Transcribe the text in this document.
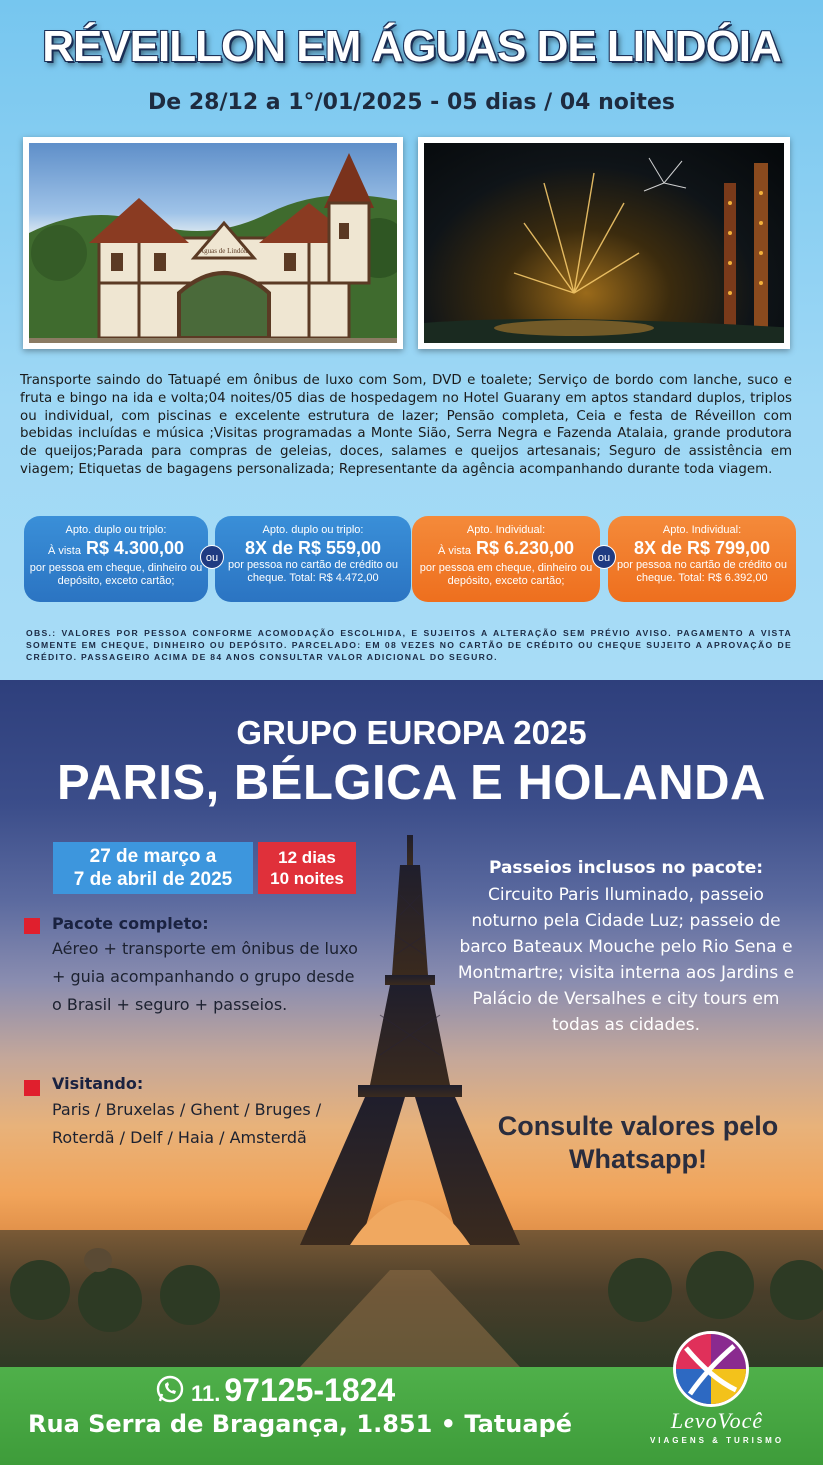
RÉVEILLON EM ÁGUAS DE LINDÓIA
De 28/12 a 1°/01/2025 - 05 dias / 04 noites
Águas de Lindóia
Transporte saindo do Tatuapé em ônibus de luxo com Som, DVD e toalete; Serviço de bordo com lanche, suco e fruta e bingo na ida e volta;04 noites/05 dias de hospedagem no Hotel Guarany em aptos standard duplos, triplos ou individual, com piscinas e excelente estrutura de lazer; Pensão completa, Ceia e festa de Réveillon com bebidas incluídas e música ;Visitas programadas a Monte Sião, Serra Negra e Fazenda Atalaia, grande produtora de queijos;Parada para compras de geleias, doces, salames e queijos artesanais; Seguro de assistência em viagem; Etiquetas de bagagens personalizada; Representante da agência acompanhando durante toda viagem.
Apto. duplo ou triplo:
À vista R$ 4.300,00
por pessoa em cheque, dinheiro ou depósito, exceto cartão;
Apto. duplo ou triplo:
8X de R$ 559,00
por pessoa no cartão de crédito ou cheque. Total: R$ 4.472,00
Apto. Individual:
À vista R$ 6.230,00
por pessoa em cheque, dinheiro ou depósito, exceto cartão;
Apto. Individual:
8X de R$ 799,00
por pessoa no cartão de crédito ou cheque. Total: R$ 6.392,00
ou	ou
OBS.: VALORES POR PESSOA CONFORME ACOMODAÇÃO ESCOLHIDA, E SUJEITOS A ALTERAÇÃO SEM PRÉVIO AVISO. PAGAMENTO A VISTA SOMENTE EM CHEQUE, DINHEIRO OU DEPÓSITO. PARCELADO: EM 08 VEZES NO CARTÃO DE CRÉDITO OU CHEQUE SUJEITO A APROVAÇÃO DE CRÉDITO. PASSAGEIRO ACIMA DE 84 ANOS CONSULTAR VALOR ADICIONAL DO SEGURO.
GRUPO EUROPA 2025
PARIS, BÉLGICA E HOLANDA
27 de março a
7 de abril de 2025
12 dias
10 noites
Pacote completo:
Aéreo + transporte em ônibus de luxo + guia acompanhando o grupo desde o Brasil + seguro + passeios.
Visitando:
Paris / Bruxelas / Ghent / Bruges / Roterdã / Delf / Haia / Amsterdã
Passeios inclusos no pacote:
Circuito Paris Iluminado, passeio noturno pela Cidade Luz; passeio de barco Bateaux Mouche pelo Rio Sena e Montmartre; visita interna aos Jardins e Palácio de Versalhes e city tours em todas as cidades.
Consulte valores pelo Whatsapp!
11. 97125-1824
Rua Serra de Bragança, 1.851 • Tatuapé	LevoVocê
VIAGENS & TURISMO
